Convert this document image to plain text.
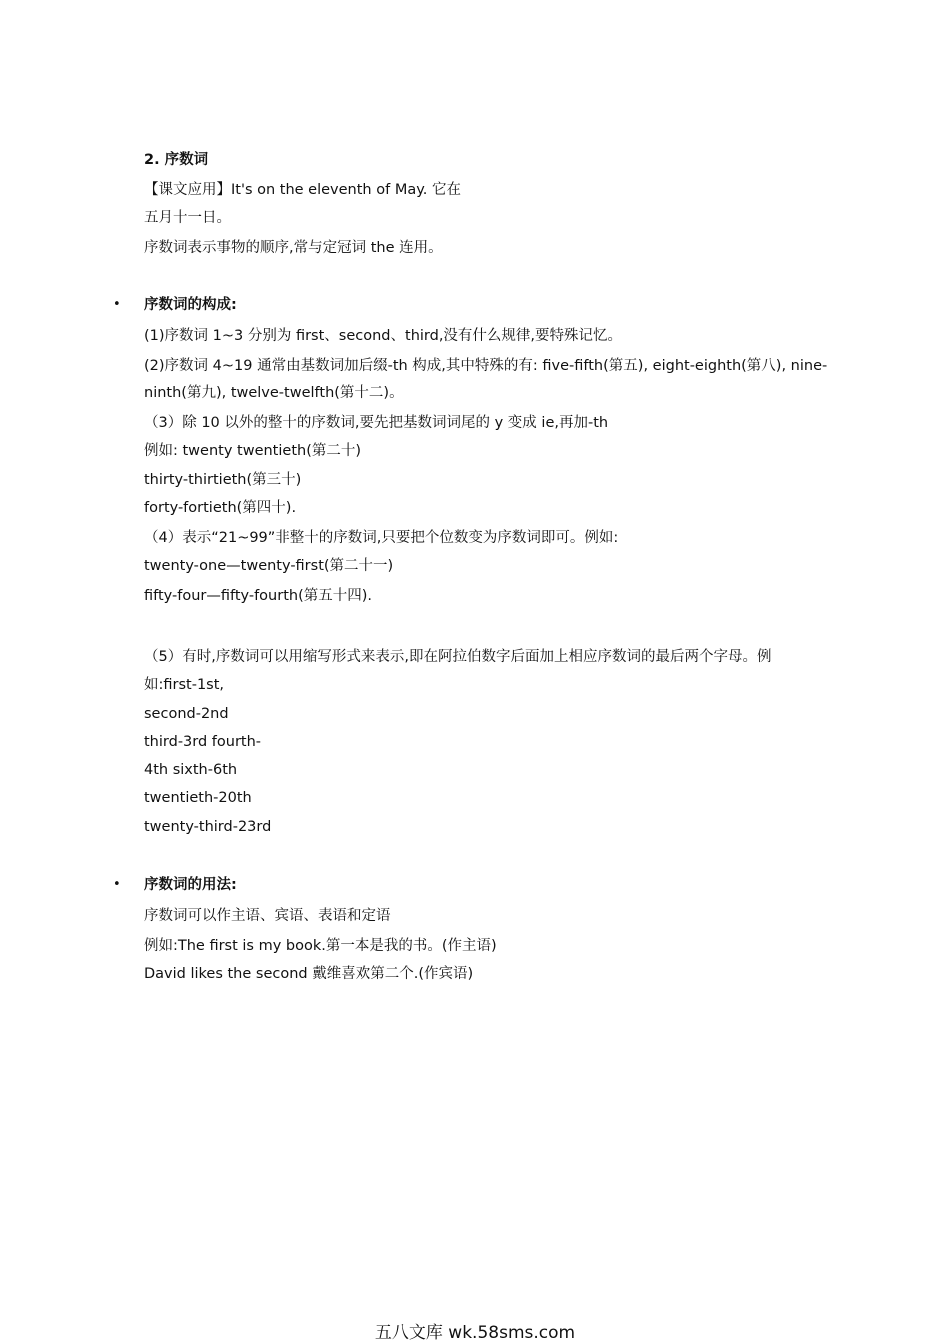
2. 序数词
【课文应用】It's on the eleventh of May. 它在
五月十一日。
序数词表示事物的顺序,常与定冠词 the 连用。
• 序数词的构成:
(1)序数词 1~3 分别为 first、second、third,没有什么规律,要特殊记忆。
(2)序数词 4~19 通常由基数词加后缀-th 构成,其中特殊的有: five-fifth(第五), eight-eighth(第八), nine-
ninth(第九), twelve-twelfth(第十二)。
（3）除 10 以外的整十的序数词,要先把基数词词尾的 y 变成 ie,再加-th
例如: twenty twentieth(第二十)
thirty-thirtieth(第三十)
forty-fortieth(第四十).
（4）表示“21~99”非整十的序数词,只要把个位数变为序数词即可。例如:
twenty-one—twenty-first(第二十一)
fifty-four—fifty-fourth(第五十四).
（5）有时,序数词可以用缩写形式来表示,即在阿拉伯数字后面加上相应序数词的最后两个字母。例
如:first-1st,
second-2nd
third-3rd fourth-
4th sixth-6th
twentieth-20th
twenty-third-23rd
• 序数词的用法:
序数词可以作主语、宾语、表语和定语
例如:The first is my book.第一本是我的书。(作主语)
David likes the second 戴维喜欢第二个.(作宾语)
五八文库 wk.58sms.com
